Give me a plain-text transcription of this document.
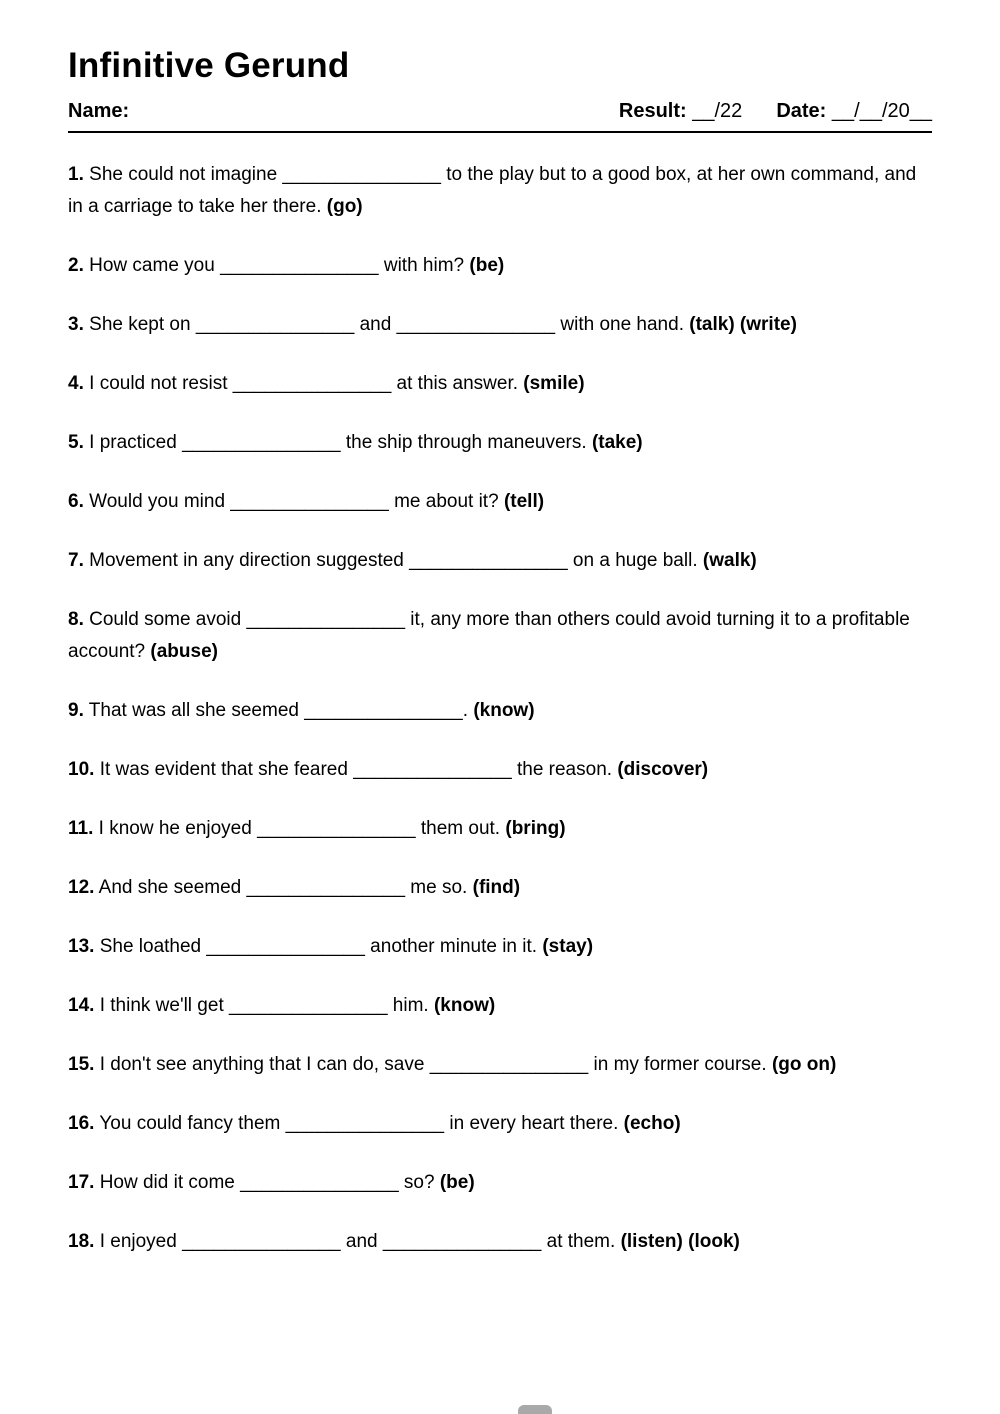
Infinitive Gerund
Name:	Result: __/22 Date: __/__/20__

1. She could not imagine _______________ to the play but to a good box, at her own command, and in a carriage to take her there. (go)

2. How came you _______________ with him? (be)

3. She kept on _______________ and _______________ with one hand. (talk) (write)

4. I could not resist _______________ at this answer. (smile)

5. I practiced _______________ the ship through maneuvers. (take)

6. Would you mind _______________ me about it? (tell)

7. Movement in any direction suggested _______________ on a huge ball. (walk)

8. Could some avoid _______________ it, any more than others could avoid turning it to a profitable account? (abuse)

9. That was all she seemed _______________. (know)

10. It was evident that she feared _______________ the reason. (discover)

11. I know he enjoyed _______________ them out. (bring)

12. And she seemed _______________ me so. (find)

13. She loathed _______________ another minute in it. (stay)

14. I think we'll get _______________ him. (know)

15. I don't see anything that I can do, save _______________ in my former course. (go on)

16. You could fancy them _______________ in every heart there. (echo)

17. How did it come _______________ so? (be)

18. I enjoyed _______________ and _______________ at them. (listen) (look)
